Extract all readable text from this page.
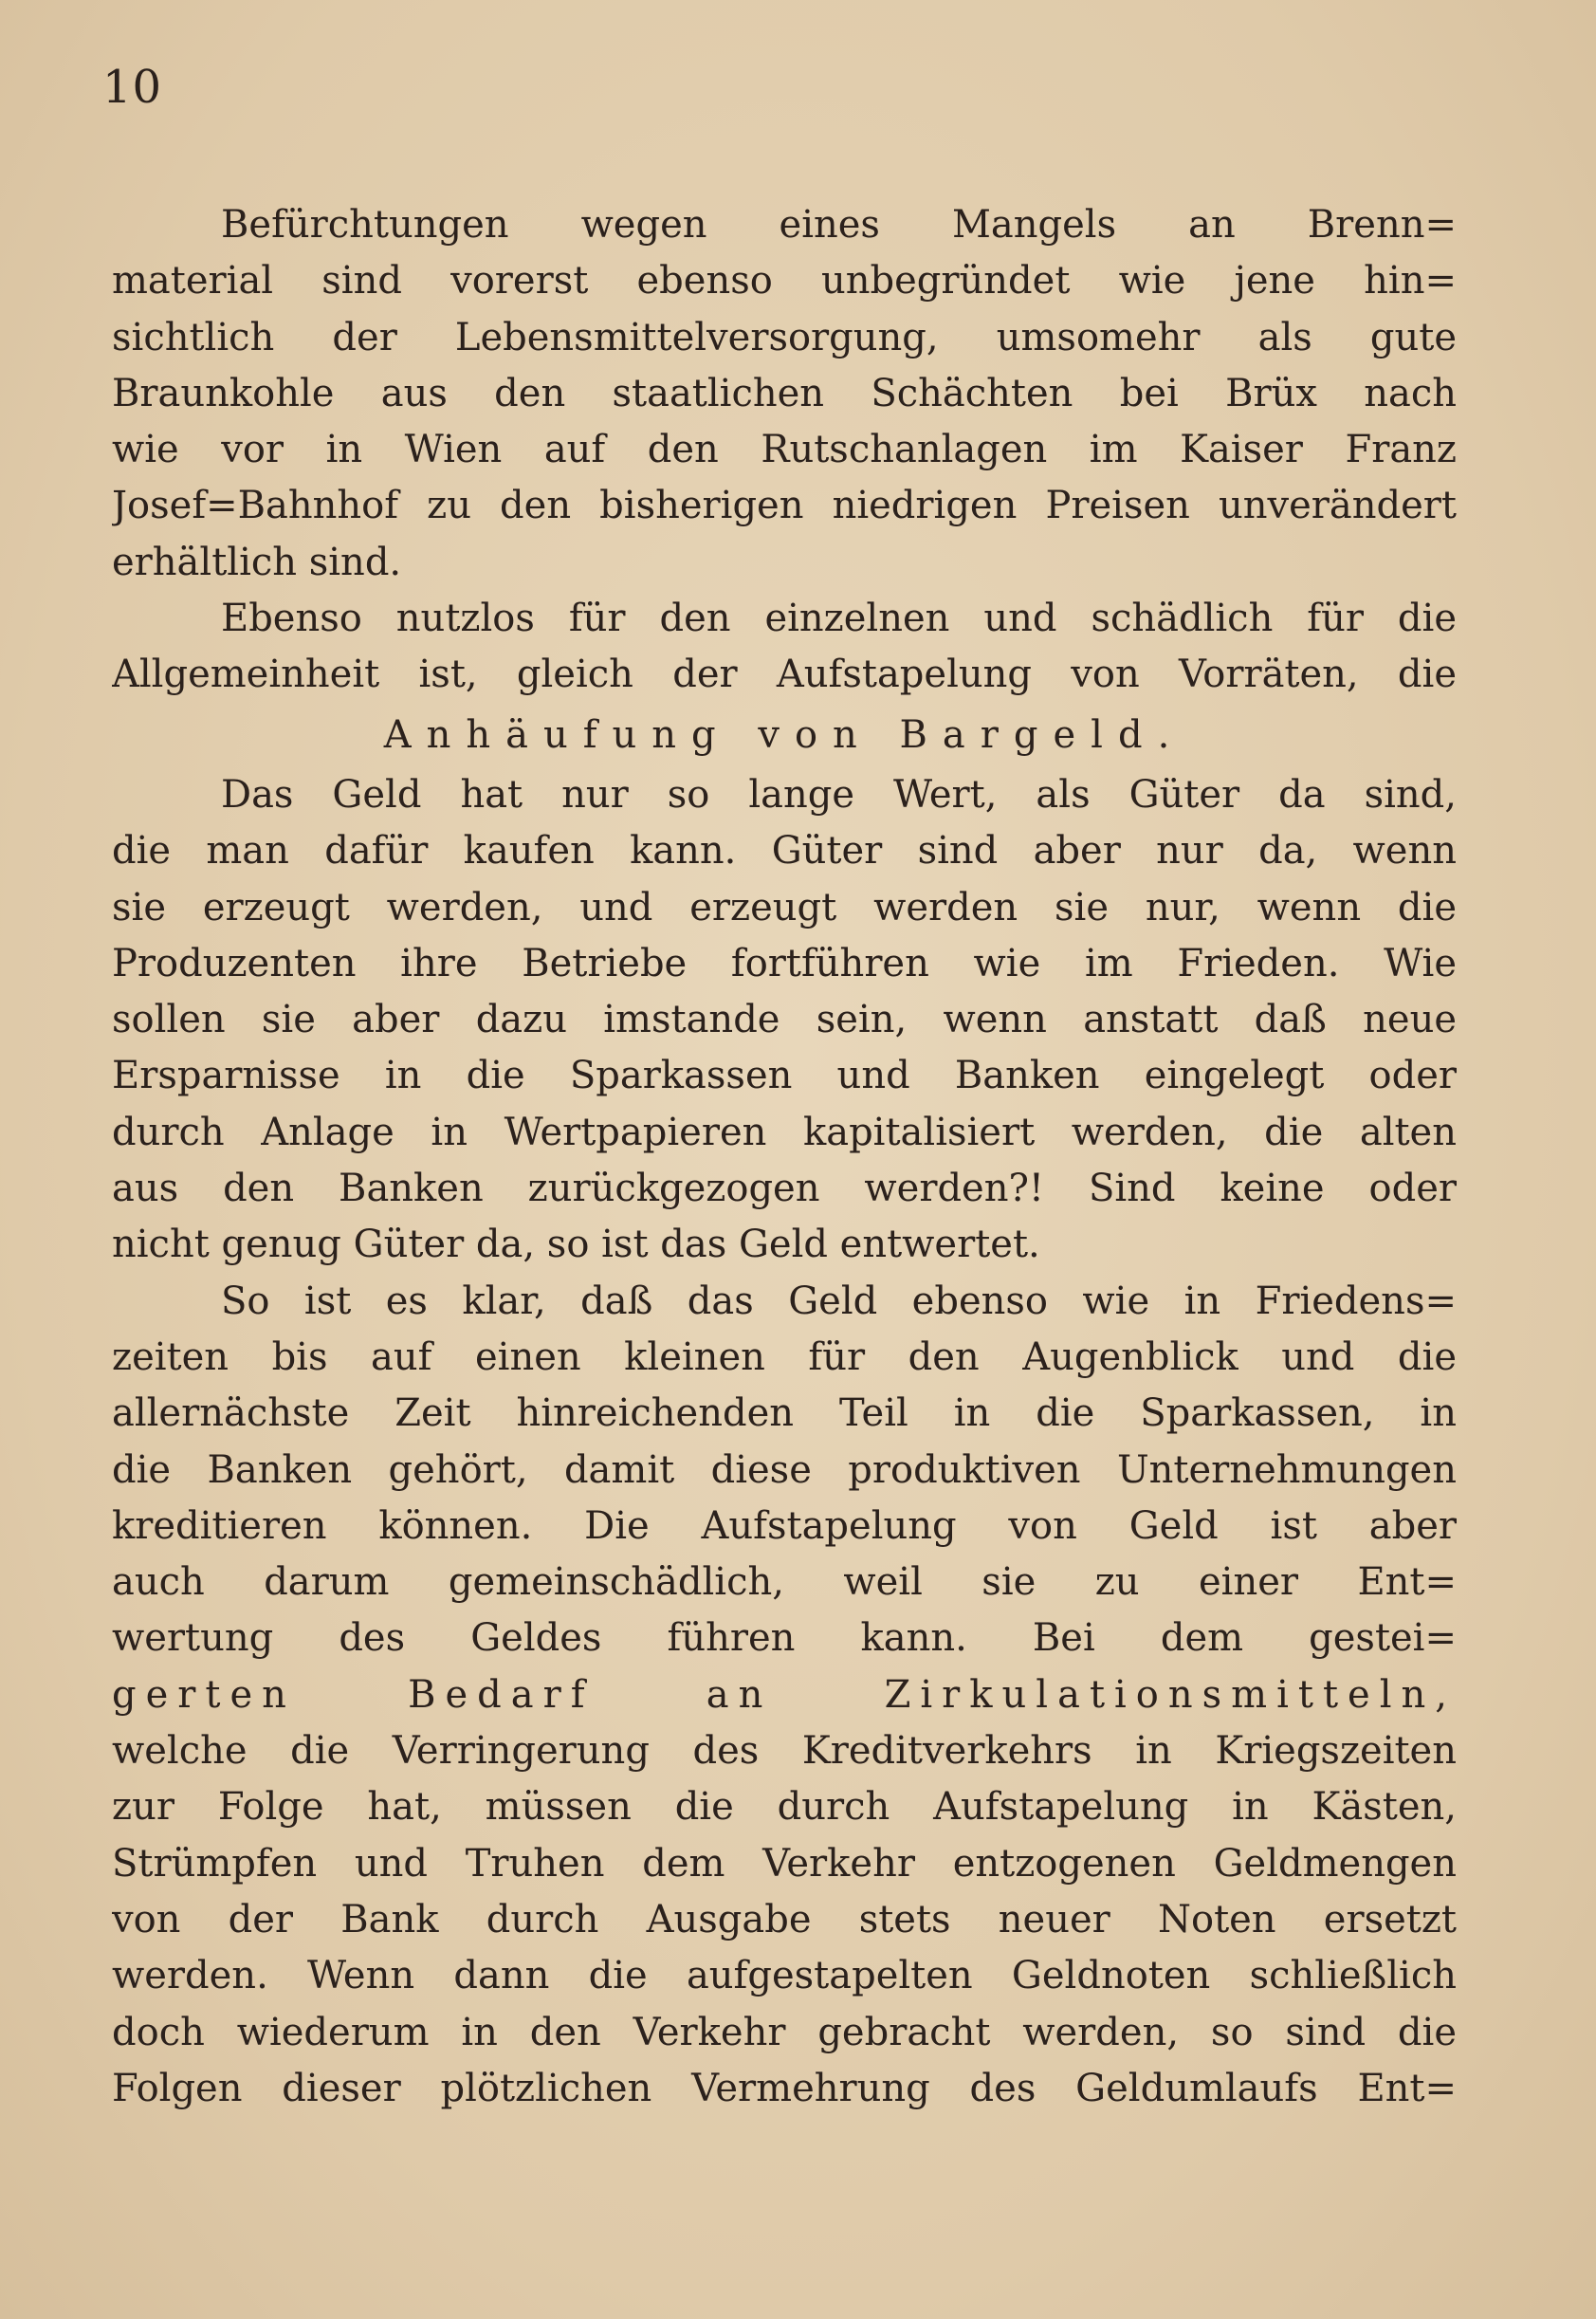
10
Befürchtungen wegen eines Mangels an Brenn=
material sind vorerst ebenso unbegründet wie jene hin=
sichtlich der Lebensmittelversorgung, umsomehr als gute
Braunkohle aus den staatlichen Schächten bei Brüx nach
wie vor in Wien auf den Rutschanlagen im Kaiser Franz
Josef=Bahnhof zu den bisherigen niedrigen Preisen unverändert
erhältlich sind.
Ebenso nutzlos für den einzelnen und schädlich für die
Allgemeinheit ist, gleich der Aufstapelung von Vorräten, die
Anhäufung von Bargeld.
Das Geld hat nur so lange Wert, als Güter da sind,
die man dafür kaufen kann. Güter sind aber nur da, wenn
sie erzeugt werden, und erzeugt werden sie nur, wenn die
Produzenten ihre Betriebe fortführen wie im Frieden. Wie
sollen sie aber dazu imstande sein, wenn anstatt daß neue
Ersparnisse in die Sparkassen und Banken eingelegt oder
durch Anlage in Wertpapieren kapitalisiert werden, die alten
aus den Banken zurückgezogen werden?! Sind keine oder
nicht genug Güter da, so ist das Geld entwertet.
So ist es klar, daß das Geld ebenso wie in Friedens=
zeiten bis auf einen kleinen für den Augenblick und die
allernächste Zeit hinreichenden Teil in die Sparkassen, in
die Banken gehört, damit diese produktiven Unternehmungen
kreditieren können. Die Aufstapelung von Geld ist aber
auch darum gemeinschädlich, weil sie zu einer Ent=
wertung des Geldes führen kann. Bei dem gestei=
gerten Bedarf an Zirkulationsmitteln,
welche die Verringerung des Kreditverkehrs in Kriegszeiten
zur Folge hat, müssen die durch Aufstapelung in Kästen,
Strümpfen und Truhen dem Verkehr entzogenen Geldmengen
von der Bank durch Ausgabe stets neuer Noten ersetzt
werden. Wenn dann die aufgestapelten Geldnoten schließlich
doch wiederum in den Verkehr gebracht werden, so sind die
Folgen dieser plötzlichen Vermehrung des Geldumlaufs Ent=
